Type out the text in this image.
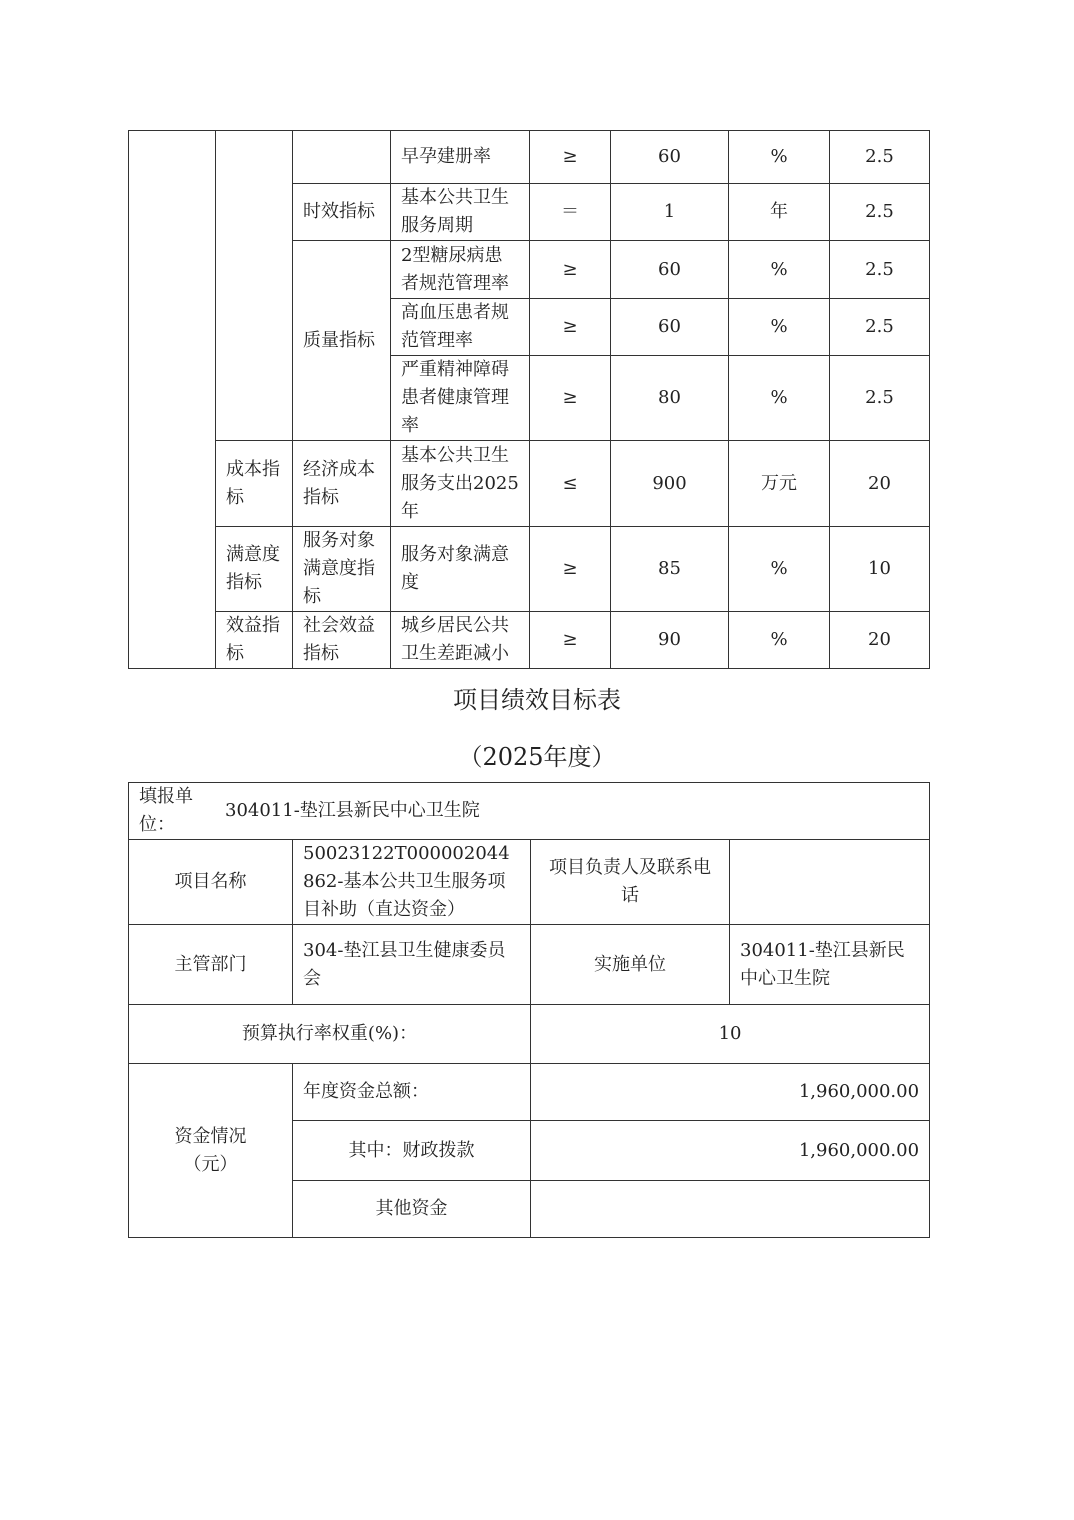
			早孕建册率	≥	60	%	2.5
		时效指标	基本公共卫生服务周期	＝	1	年	2.5
		质量指标	2型糖尿病患者规范管理率	≥	60	%	2.5
			高血压患者规范管理率	≥	60	%	2.5
			严重精神障碍患者健康管理率	≥	80	%	2.5
	成本指标	经济成本指标	基本公共卫生服务支出2025年	≤	900	万元	20
	满意度指标	服务对象满意度指标	服务对象满意度	≥	85	%	10
	效益指标	社会效益指标	城乡居民公共卫生差距减小	≥	90	%	20
项目绩效目标表
（2025年度）
填报单位：
304011-垫江县新民中心卫生院			

项目名称	50023122T000002044862-基本公共卫生服务项目补助（直达资金）	项目负责人及联系电话	
主管部门	304-垫江县卫生健康委员会	实施单位	304011-垫江县新民中心卫生院
预算执行率权重(%)：		10	

资金情况（元）	年度资金总额：	1,960,000.00	
	其中：财政拨款	1,960,000.00	
	其他资金		
